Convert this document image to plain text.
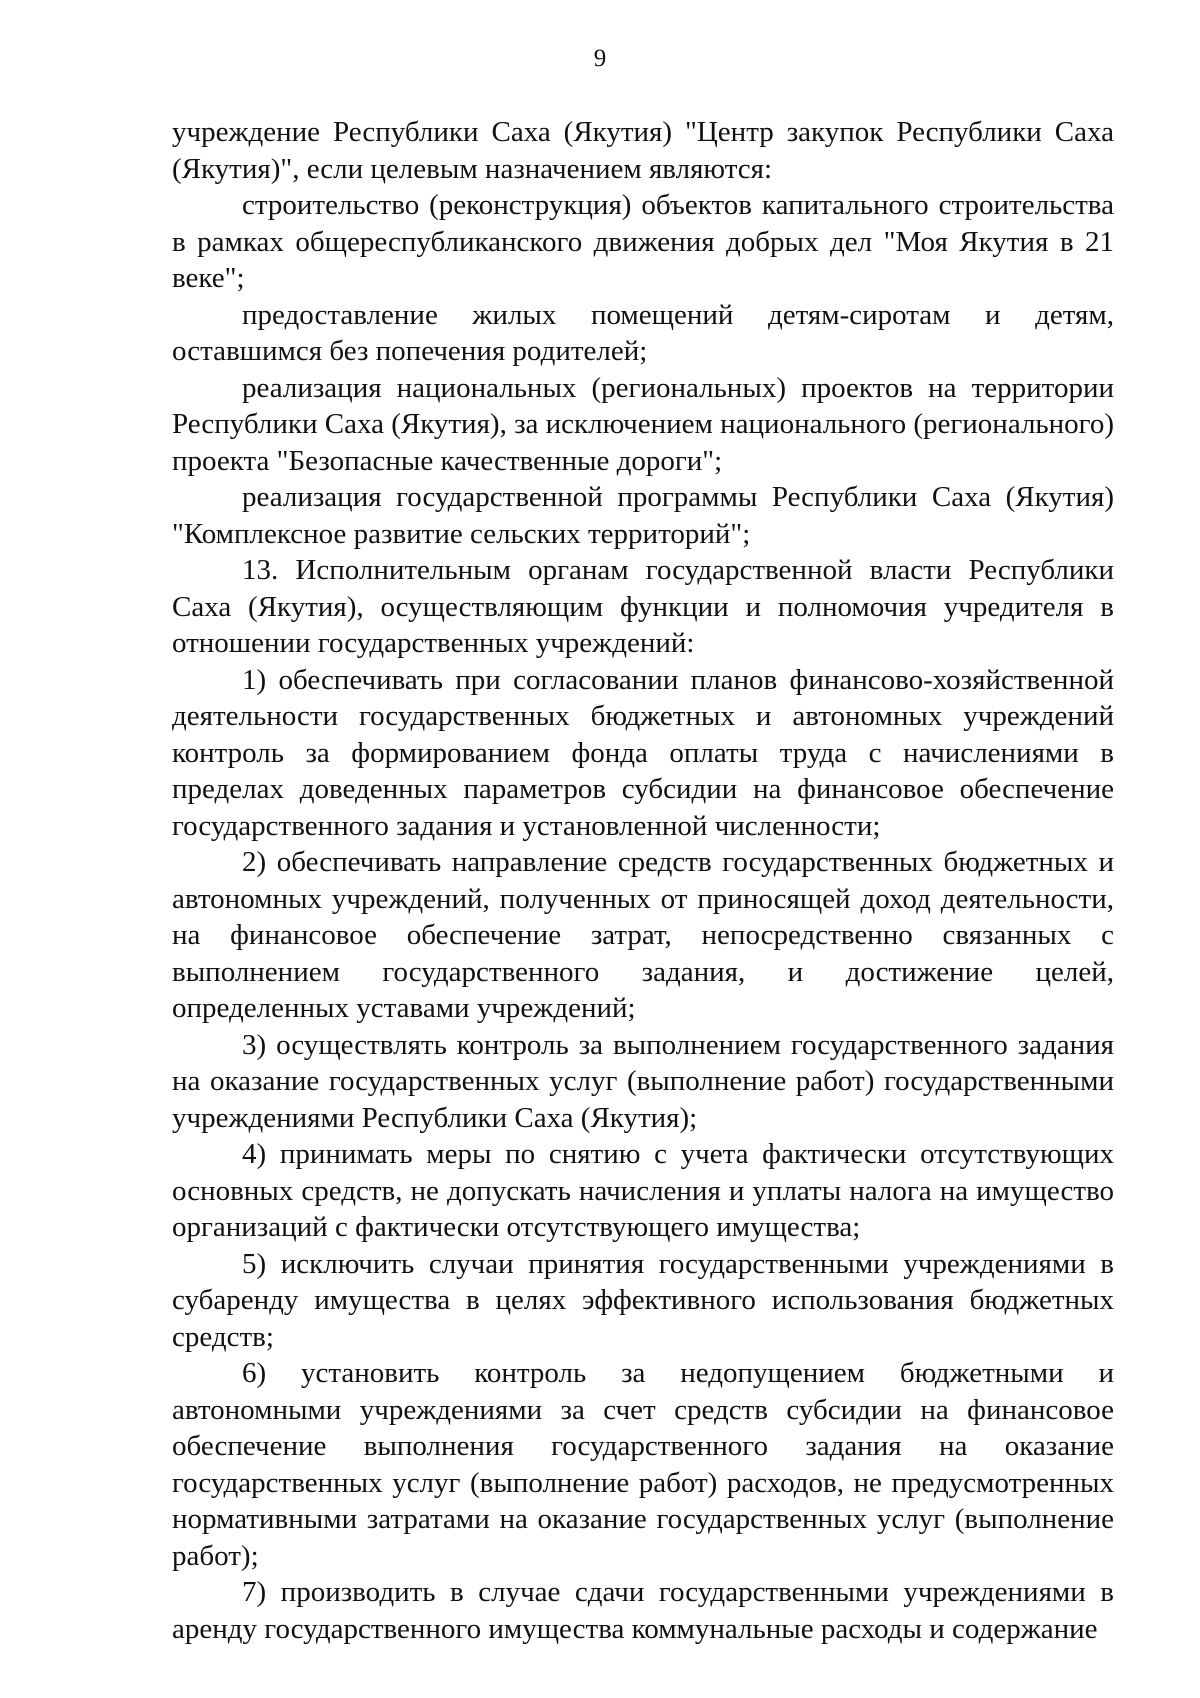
9

учреждение Республики Саха (Якутия) "Центр закупок Республики Саха (Якутия)", если целевым назначением являются:

строительство (реконструкция) объектов капитального строительства в рамках общереспубликанского движения добрых дел "Моя Якутия в 21 веке";

предоставление жилых помещений детям-сиротам и детям, оставшимся без попечения родителей;

реализация национальных (региональных) проектов на территории Республики Саха (Якутия), за исключением национального (регионального) проекта "Безопасные качественные дороги";

реализация государственной программы Республики Саха (Якутия) "Комплексное развитие сельских территорий";

13. Исполнительным органам государственной власти Республики Саха (Якутия), осуществляющим функции и полномочия учредителя в отношении государственных учреждений:

1) обеспечивать при согласовании планов финансово-хозяйственной деятельности государственных бюджетных и автономных учреждений контроль за формированием фонда оплаты труда с начислениями в пределах доведенных параметров субсидии на финансовое обеспечение государственного задания и установленной численности;

2) обеспечивать направление средств государственных бюджетных и автономных учреждений, полученных от приносящей доход деятельности, на финансовое обеспечение затрат, непосредственно связанных с выполнением государственного задания, и достижение целей, определенных уставами учреждений;

3) осуществлять контроль за выполнением государственного задания на оказание государственных услуг (выполнение работ) государственными учреждениями Республики Саха (Якутия);

4) принимать меры по снятию с учета фактически отсутствующих основных средств, не допускать начисления и уплаты налога на имущество организаций с фактически отсутствующего имущества;

5) исключить случаи принятия государственными учреждениями в субаренду имущества в целях эффективного использования бюджетных средств;

6) установить контроль за недопущением бюджетными и автономными учреждениями за счет средств субсидии на финансовое обеспечение выполнения государственного задания на оказание государственных услуг (выполнение работ) расходов, не предусмотренных нормативными затратами на оказание государственных услуг (выполнение работ);

7) производить в случае сдачи государственными учреждениями в аренду государственного имущества коммунальные расходы и содержание
